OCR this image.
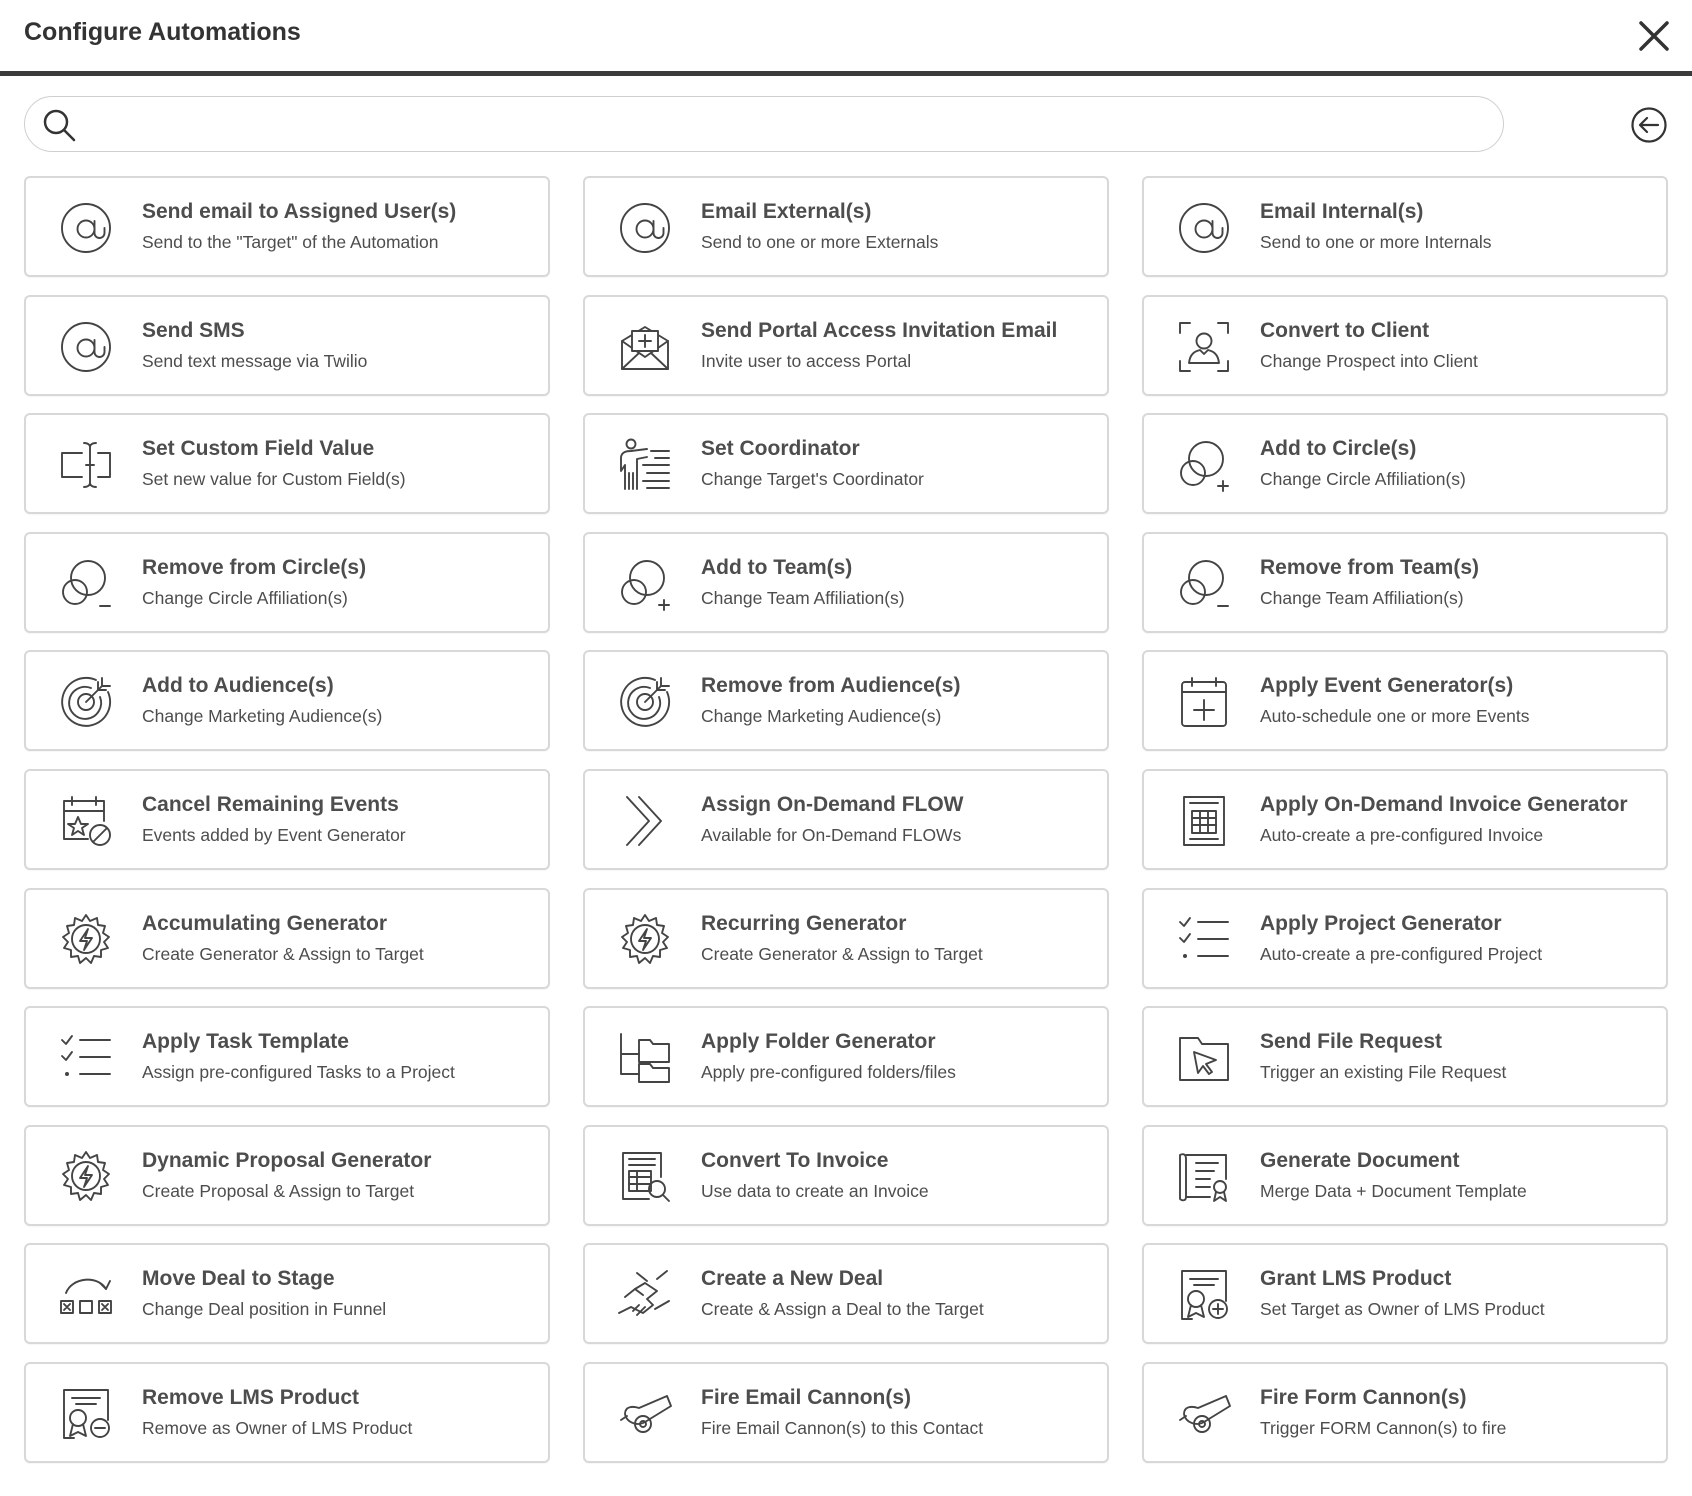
Configure Automations
Send email to Assigned User(s)
Send to the "Target" of the Automation
Email External(s)
Send to one or more Externals
Email Internal(s)
Send to one or more Internals
Send SMS
Send text message via Twilio
Send Portal Access Invitation Email
Invite user to access Portal
Convert to Client
Change Prospect into Client
Set Custom Field Value
Set new value for Custom Field(s)
Set Coordinator
Change Target's Coordinator
Add to Circle(s)
Change Circle Affiliation(s)
Remove from Circle(s)
Change Circle Affiliation(s)
Add to Team(s)
Change Team Affiliation(s)
Remove from Team(s)
Change Team Affiliation(s)
Add to Audience(s)
Change Marketing Audience(s)
Remove from Audience(s)
Change Marketing Audience(s)
Apply Event Generator(s)
Auto-schedule one or more Events
Cancel Remaining Events
Events added by Event Generator
Assign On-Demand FLOW
Available for On-Demand FLOWs
Apply On-Demand Invoice Generator
Auto-create a pre-configured Invoice
Accumulating Generator
Create Generator & Assign to Target
Recurring Generator
Create Generator & Assign to Target
Apply Project Generator
Auto-create a pre-configured Project
Apply Task Template
Assign pre-configured Tasks to a Project
Apply Folder Generator
Apply pre-configured folders/files
Send File Request
Trigger an existing File Request
Dynamic Proposal Generator
Create Proposal & Assign to Target
Convert To Invoice
Use data to create an Invoice
Generate Document
Merge Data + Document Template
Move Deal to Stage
Change Deal position in Funnel
Create a New Deal
Create & Assign a Deal to the Target
Grant LMS Product
Set Target as Owner of LMS Product
Remove LMS Product
Remove as Owner of LMS Product
Fire Email Cannon(s)
Fire Email Cannon(s) to this Contact
Fire Form Cannon(s)
Trigger FORM Cannon(s) to fire
